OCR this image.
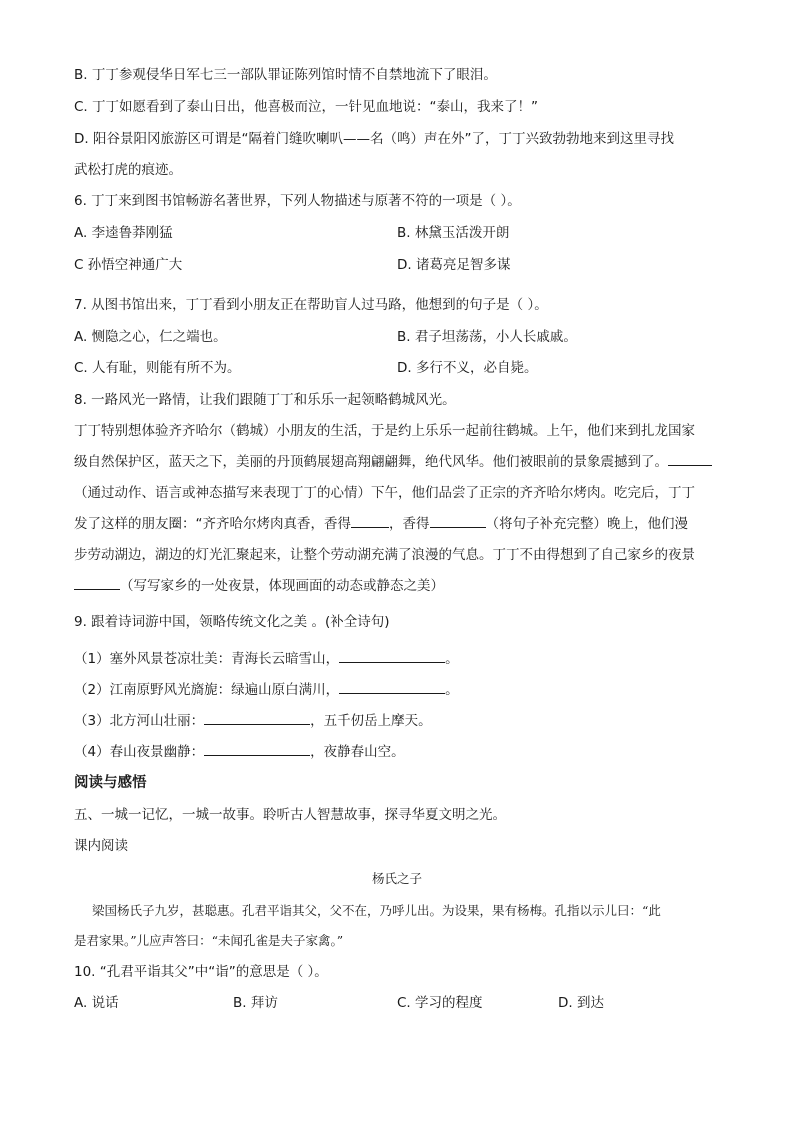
B. 丁丁参观侵华日军七三一部队罪证陈列馆时情不自禁地流下了眼泪。
C. 丁丁如愿看到了泰山日出，他喜极而泣，一针见血地说：“泰山，我来了！”
D. 阳谷景阳冈旅游区可谓是“隔着门缝吹喇叭——名（鸣）声在外”了，丁丁兴致勃勃地来到这里寻找
武松打虎的痕迹。
6. 丁丁来到图书馆畅游名著世界，下列人物描述与原著不符的一项是（ ）。
A. 李逵鲁莽刚猛	B. 林黛玉活泼开朗
C 孙悟空神通广大	D. 诸葛亮足智多谋
7. 从图书馆出来，丁丁看到小朋友正在帮助盲人过马路，他想到的句子是（ ）。
A. 恻隐之心，仁之端也。	B. 君子坦荡荡，小人长戚戚。
C. 人有耻，则能有所不为。	D. 多行不义，必自毙。
8. 一路风光一路情，让我们跟随丁丁和乐乐一起领略鹤城风光。
丁丁特别想体验齐齐哈尔（鹤城）小朋友的生活，于是约上乐乐一起前往鹤城。上午，他们来到扎龙国家
级自然保护区，蓝天之下，美丽的丹顶鹤展翅高翔翩翩舞，绝代风华。他们被眼前的景象震撼到了。
（通过动作、语言或神态描写来表现丁丁的心情）下午，他们品尝了正宗的齐齐哈尔烤肉。吃完后，丁丁
发了这样的朋友圈：“齐齐哈尔烤肉真香，香得	，香得	（将句子补充完整）晚上，他们漫
步劳动湖边，湖边的灯光汇聚起来，让整个劳动湖充满了浪漫的气息。丁丁不由得想到了自己家乡的夜景
（写写家乡的一处夜景，体现画面的动态或静态之美）
9. 跟着诗词游中国，领略传统文化之美 。(补全诗句)
（1）塞外风景苍凉壮美：青海长云暗雪山，	。
（2）江南原野风光旖旎：绿遍山原白满川，	。
（3）北方河山壮丽：	，五千仞岳上摩天。
（4）春山夜景幽静：	，夜静春山空。
阅读与感悟
五、一城一记忆，一城一故事。聆听古人智慧故事，探寻华夏文明之光。
课内阅读
杨氏之子
梁国杨氏子九岁，甚聪惠。孔君平诣其父，父不在，乃呼儿出。为设果，果有杨梅。孔指以示儿曰：“此
是君家果。”儿应声答曰：“未闻孔雀是夫子家禽。”
10. “孔君平诣其父”中“诣”的意思是（ ）。
A. 说话	B. 拜访	C. 学习的程度	D. 到达
